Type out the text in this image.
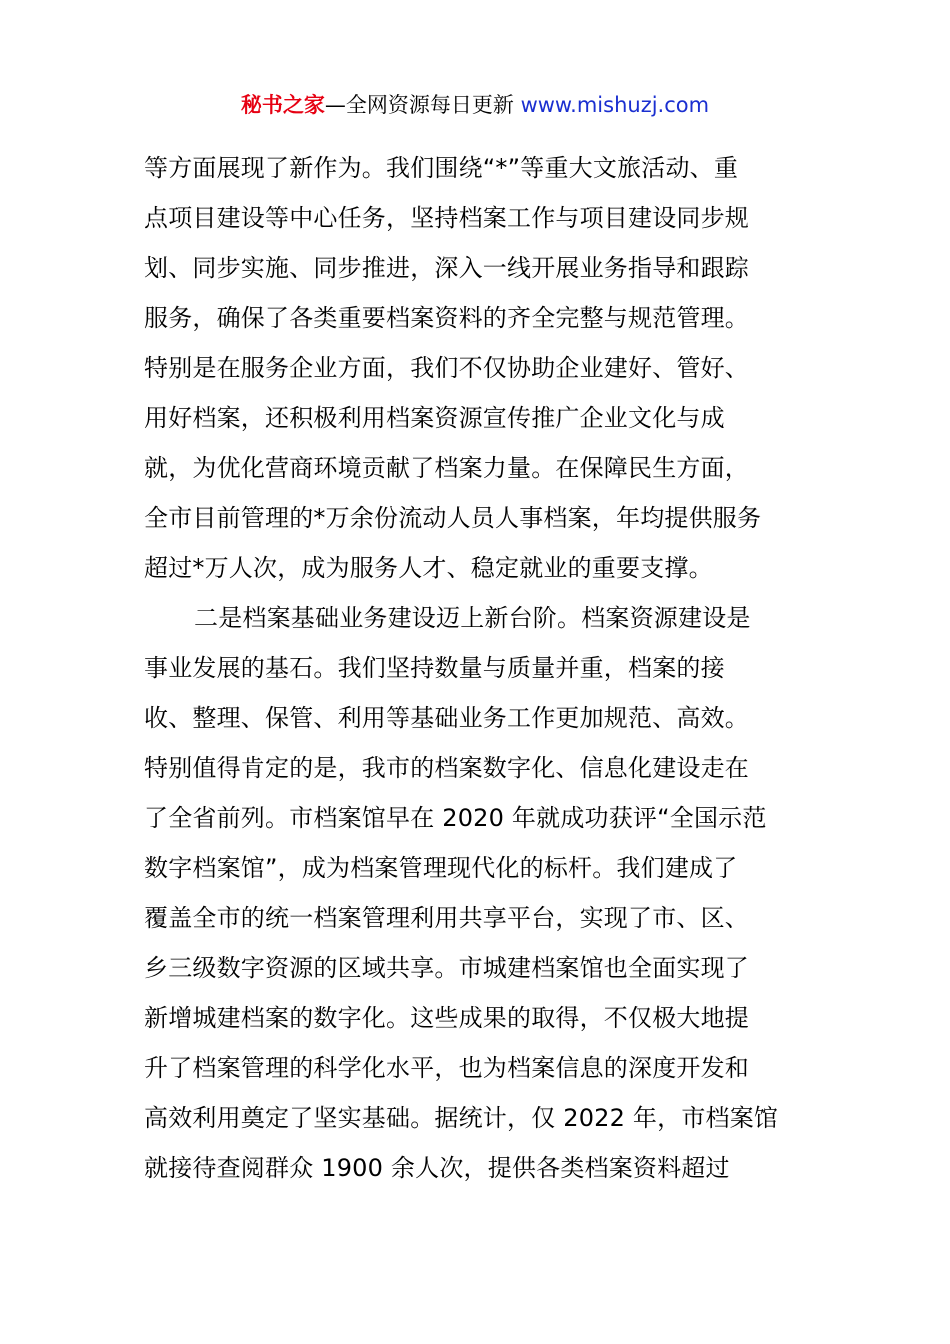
秘书之家—全网资源每日更新 www.mishuzj.com
等方面展现了新作为。我们围绕“*”等重大文旅活动、重
点项目建设等中心任务，坚持档案工作与项目建设同步规
划、同步实施、同步推进，深入一线开展业务指导和跟踪
服务，确保了各类重要档案资料的齐全完整与规范管理。
特别是在服务企业方面，我们不仅协助企业建好、管好、
用好档案，还积极利用档案资源宣传推广企业文化与成
就，为优化营商环境贡献了档案力量。在保障民生方面，
全市目前管理的*万余份流动人员人事档案，年均提供服务
超过*万人次，成为服务人才、稳定就业的重要支撑。
二是档案基础业务建设迈上新台阶。档案资源建设是
事业发展的基石。我们坚持数量与质量并重，档案的接
收、整理、保管、利用等基础业务工作更加规范、高效。
特别值得肯定的是，我市的档案数字化、信息化建设走在
了全省前列。市档案馆早在 2020 年就成功获评“全国示范
数字档案馆”，成为档案管理现代化的标杆。我们建成了
覆盖全市的统一档案管理利用共享平台，实现了市、区、
乡三级数字资源的区域共享。市城建档案馆也全面实现了
新增城建档案的数字化。这些成果的取得，不仅极大地提
升了档案管理的科学化水平，也为档案信息的深度开发和
高效利用奠定了坚实基础。据统计，仅 2022 年，市档案馆
就接待查阅群众 1900 余人次，提供各类档案资料超过
